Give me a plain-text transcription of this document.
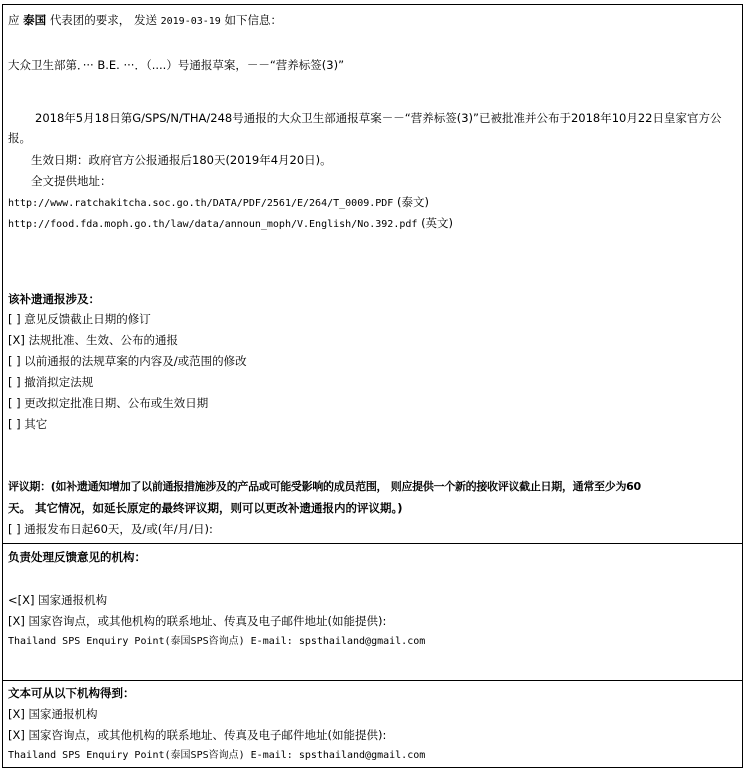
应 泰国 代表团的要求， 发送 2019-03-19 如下信息：
大众卫生部第．··· B.E. ···．（....）号通报草案，－－“营养标签(3)”
2018年5月18日第G/SPS/N/THA/248号通报的大众卫生部通报草案－－“营养标签(3)”已被批准并公布于2018年10月22日皇家官方公
报。
生效日期：政府官方公报通报后180天(2019年4月20日)。
全文提供地址：
http://www.ratchakitcha.soc.go.th/DATA/PDF/2561/E/264/T_0009.PDF (泰文)
http://food.fda.moph.go.th/law/data/announ_moph/V.English/No.392.pdf (英文)
该补遗通报涉及：
[ ] 意见反馈截止日期的修订
[X] 法规批准、生效、公布的通报
[ ] 以前通报的法规草案的内容及/或范围的修改
[ ] 撤消拟定法规
[ ] 更改拟定批准日期、公布或生效日期
[ ] 其它
评议期：(如补遗通知增加了以前通报措施涉及的产品或可能受影响的成员范围， 则应提供一个新的接收评议截止日期，通常至少为60
天。 其它情况，如延长原定的最终评议期，则可以更改补遗通报内的评议期。)
[ ] 通报发布日起60天，及/或(年/月/日):
负责处理反馈意见的机构：
<[X] 国家通报机构
[X] 国家咨询点，或其他机构的联系地址、传真及电子邮件地址(如能提供):
Thailand SPS Enquiry Point(泰国SPS咨询点) E-mail: spsthailand@gmail.com
文本可从以下机构得到：
[X] 国家通报机构
[X] 国家咨询点，或其他机构的联系地址、传真及电子邮件地址(如能提供):
Thailand SPS Enquiry Point(泰国SPS咨询点) E-mail: spsthailand@gmail.com
